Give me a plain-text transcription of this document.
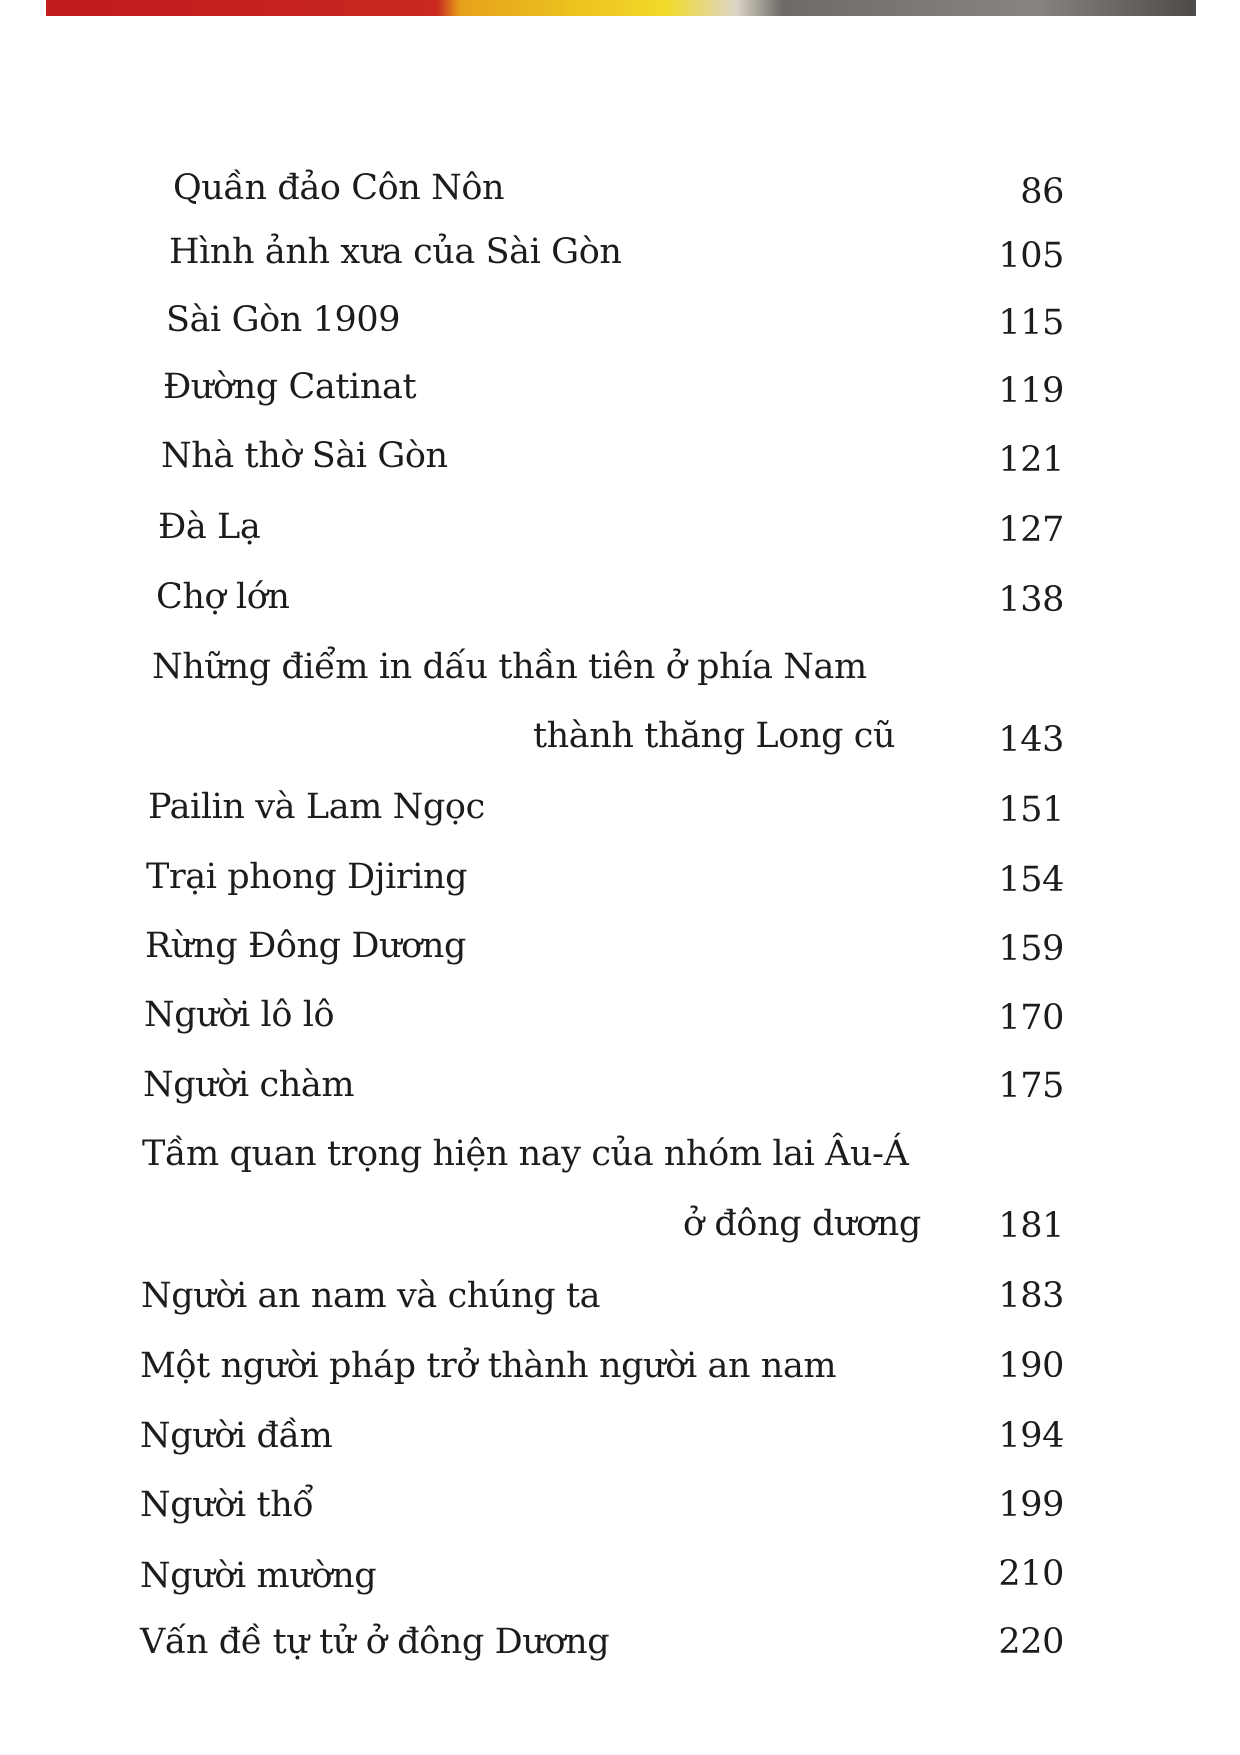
Quần đảo Côn Nôn	86
Hình ảnh xưa của Sài Gòn	105
Sài Gòn 1909	115
Đường Catinat	119
Nhà thờ Sài Gòn	121
Đà Lạ	127
Chợ lớn	138
Những điểm in dấu thần tiên ở phía Nam
thành thăng Long cũ	143
Pailin và Lam Ngọc	151
Trại phong Djiring	154
Rừng Đông Dương	159
Người lô lô	170
Người chàm	175
Tầm quan trọng hiện nay của nhóm lai Âu-Á
ở đông dương	181
Người an nam và chúng ta	183
Một người pháp trở thành người an nam	190
Người đầm	194
Người thổ	199
Người mường	210
Vấn đề tự tử ở đông Dương	220
